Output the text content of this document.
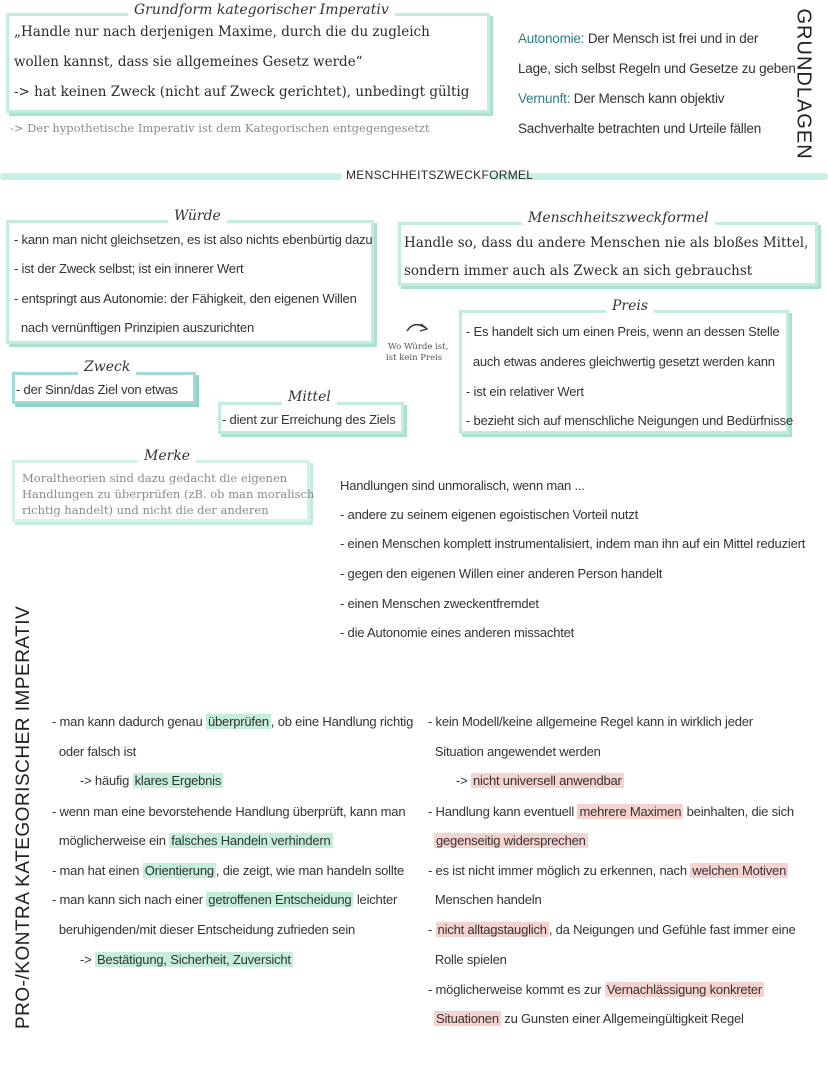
Grundform kategorischer Imperativ
„Handle nur nach derjenigen Maxime, durch die du zugleich
wollen kannst, dass sie allgemeines Gesetz werde“
-> hat keinen Zweck (nicht auf Zweck gerichtet), unbedingt gültig
-> Der hypothetische Imperativ ist dem Kategorischen entgegengesetzt
Autonomie: Der Mensch ist frei und in der
Lage, sich selbst Regeln und Gesetze zu geben
Vernunft: Der Mensch kann objektiv
Sachverhalte betrachten und Urteile fällen GRUNDLAGEN
MENSCHHEITSZWECKFORMEL
Würde
- kann man nicht gleichsetzen, es ist also nichts ebenbürtig dazu
- ist der Zweck selbst; ist ein innerer Wert
- entspringt aus Autonomie: der Fähigkeit, den eigenen Willen
nach vernünftigen Prinzipien auszurichten
Menschheitszweckformel
Handle so, dass du andere Menschen nie als bloßes Mittel,
sondern immer auch als Zweck an sich gebrauchst
Wo Würde ist,
ist kein Preis
Preis
- Es handelt sich um einen Preis, wenn an dessen Stelle
auch etwas anderes gleichwertig gesetzt werden kann
- ist ein relativer Wert
- bezieht sich auf menschliche Neigungen und Bedürfnisse
Zweck
- der Sinn/das Ziel von etwas	Mittel
- dient zur Erreichung des Ziels
Merke
Moraltheorien sind dazu gedacht die eigenen
Handlungen zu überprüfen (zB. ob man moralisch
richtig handelt) und nicht die der anderen
Handlungen sind unmoralisch, wenn man ...
- andere zu seinem eigenen egoistischen Vorteil nutzt
- einen Menschen komplett instrumentalisiert, indem man ihn auf ein Mittel reduziert
- gegen den eigenen Willen einer anderen Person handelt
- einen Menschen zweckentfremdet
- die Autonomie eines anderen missachtet
PRO-/KONTRA KATEGORISCHER IMPERATIV - man kann dadurch genau überprüfen , ob eine Handlung richtig
oder falsch ist
-> häufig klares Ergebnis
- wenn man eine bevorstehende Handlung überprüft, kann man
möglicherweise ein falsches Handeln verhindern
- man hat einen Orientierung , die zeigt, wie man handeln sollte
- man kann sich nach einer getroffenen Entscheidung leichter
beruhigenden/mit dieser Entscheidung zufrieden sein
-> Bestätigung, Sicherheit, Zuversicht
- kein Modell/keine allgemeine Regel kann in wirklich jeder
Situation angewendet werden
-> nicht universell anwendbar
- Handlung kann eventuell mehrere Maximen beinhalten, die sich
gegenseitig widersprechen
- es ist nicht immer möglich zu erkennen, nach welchen Motiven
Menschen handeln
- nicht alltagstauglich , da Neigungen und Gefühle fast immer eine
Rolle spielen
- möglicherweise kommt es zur Vernachlässigung konkreter
Situationen zu Gunsten einer Allgemeingültigkeit Regel
